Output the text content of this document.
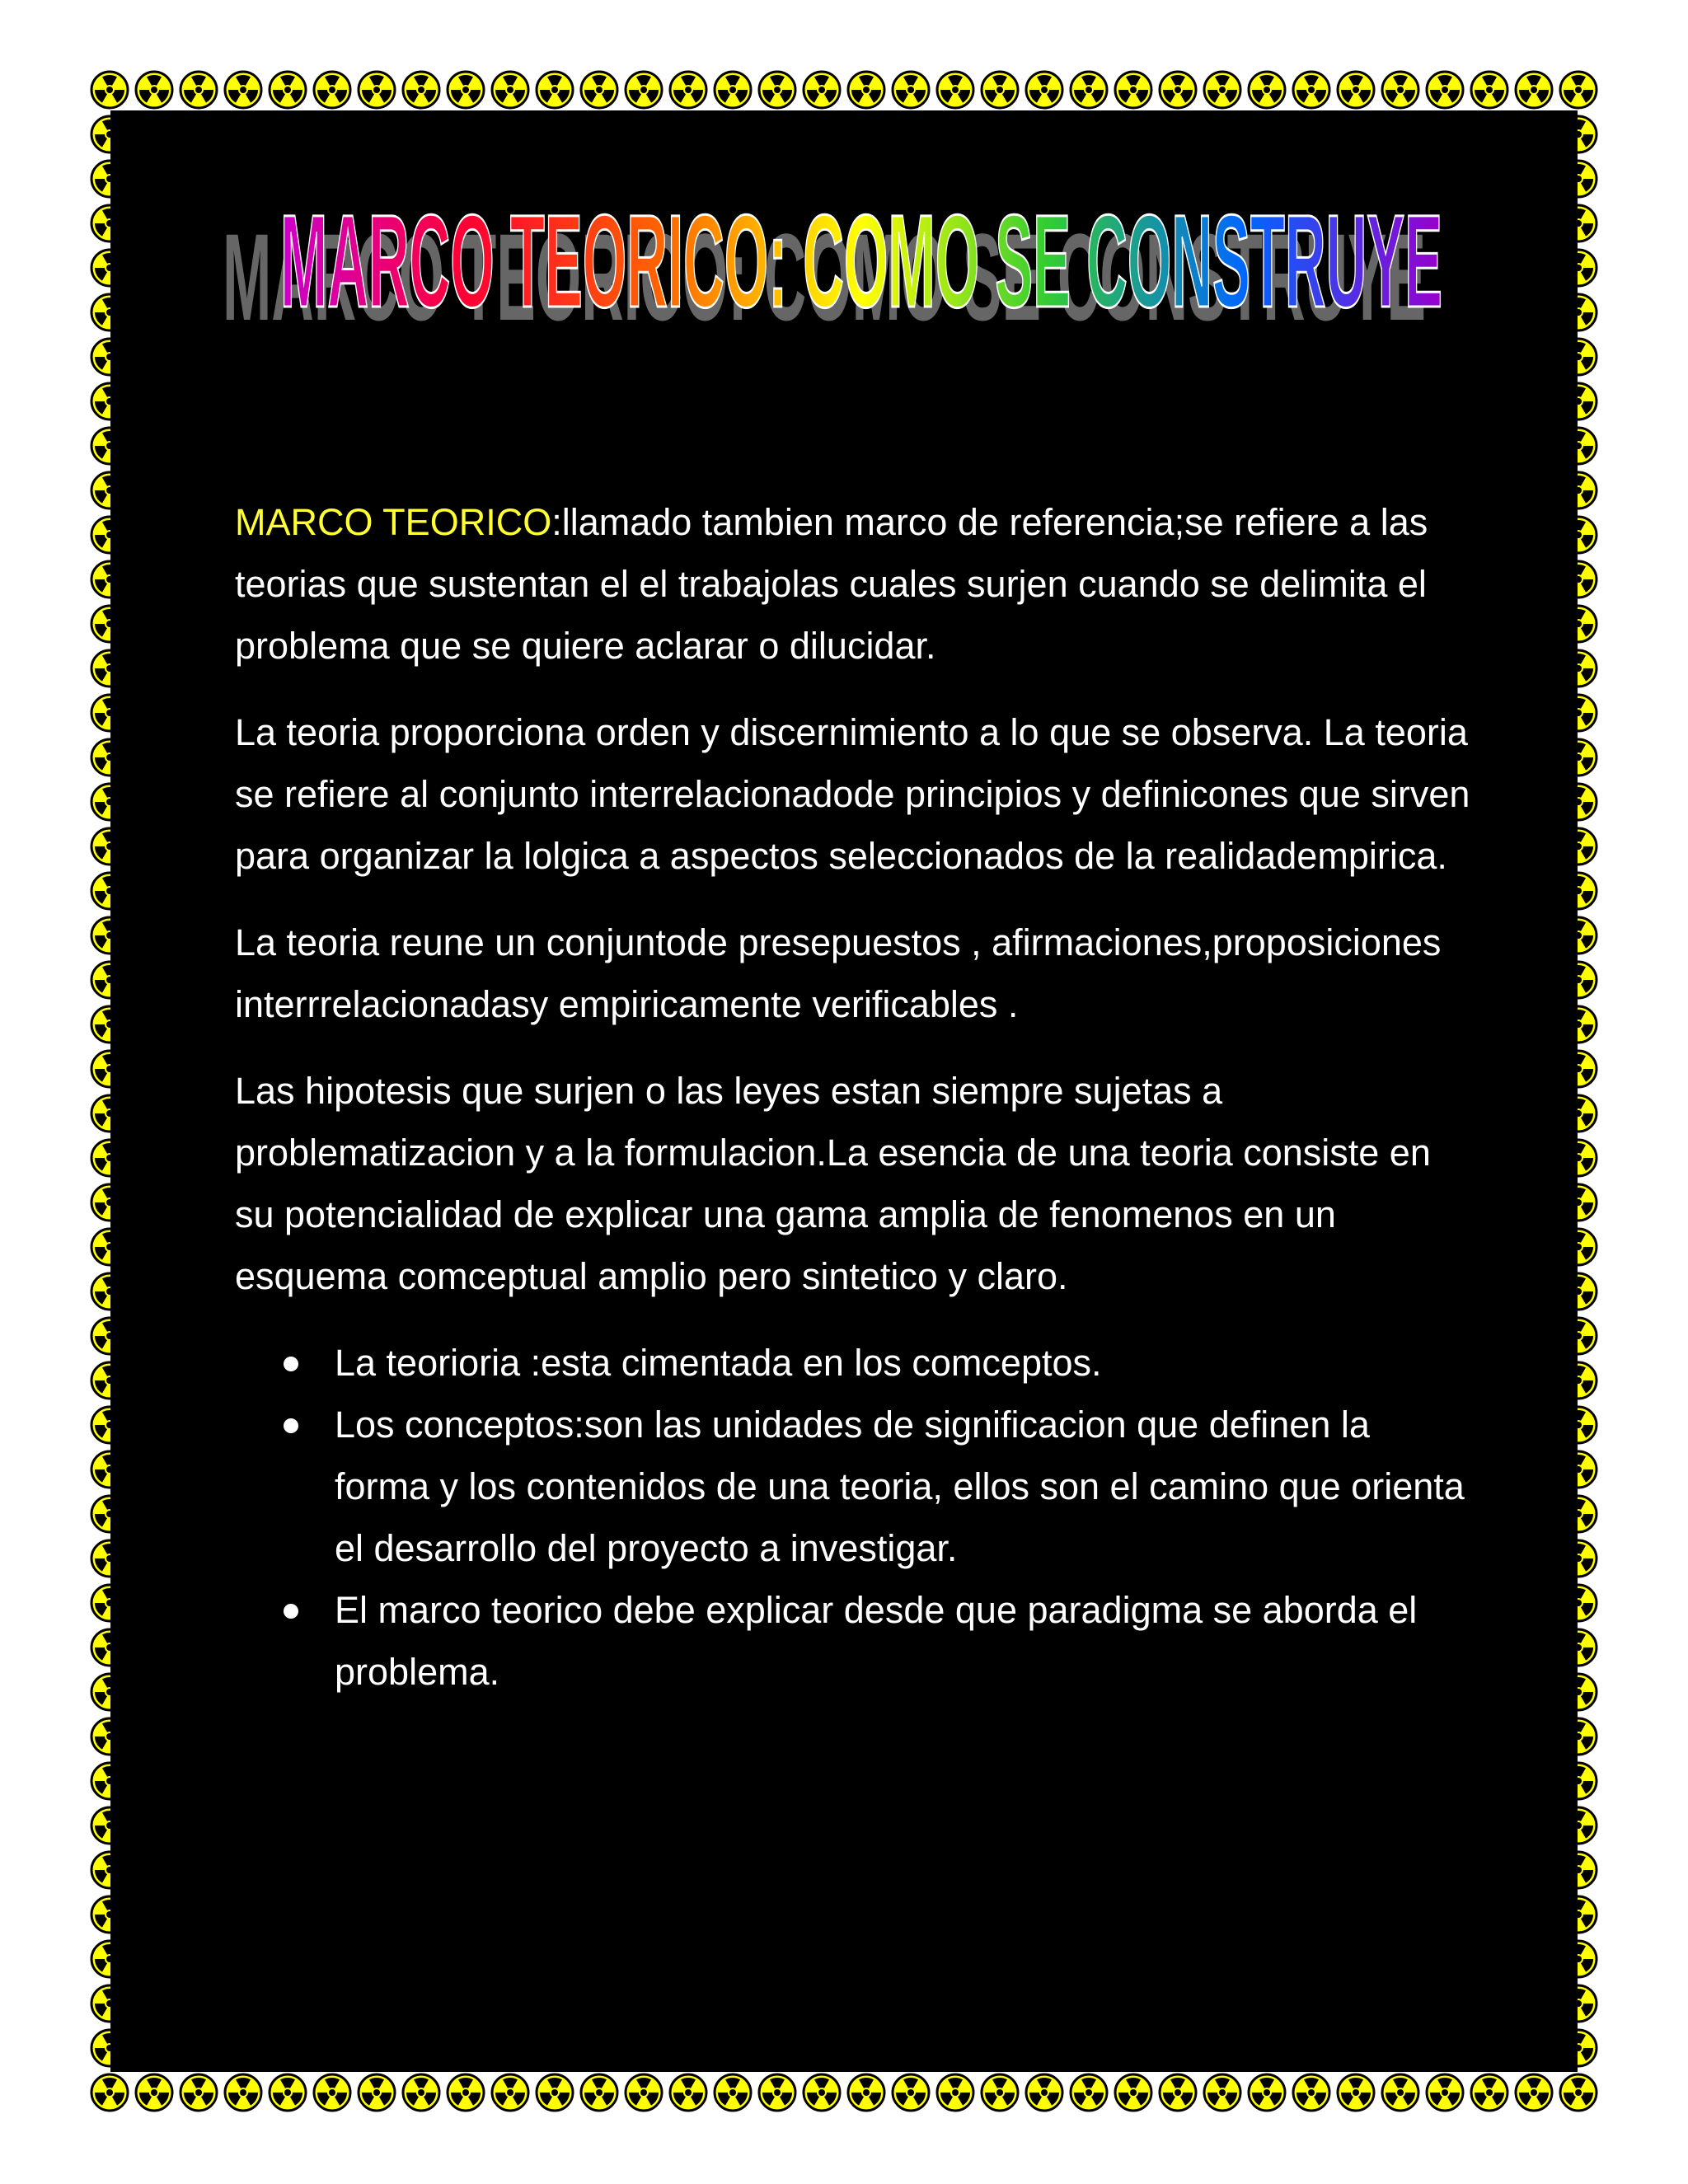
MARCO TEORICO: COMO SE CONSTRUYE
MARCO TEORICO: COMO SE CONSTRUYE

MARCO TEORICO:llamado tambien marco de referencia;se refiere a las teorias que sustentan el el trabajolas cuales surjen cuando se delimita el problema que se quiere aclarar o dilucidar.

La teoria proporciona orden y discernimiento a lo que se observa. La teoria se refiere al conjunto interrelacionadode principios y definicones que sirven para organizar la lolgica a aspectos seleccionados de la realidadempirica.

La teoria reune un conjuntode presepuestos , afirmaciones,proposiciones interrrelacionadasy empiricamente verificables .

Las hipotesis que surjen o las leyes estan siempre sujetas a problematizacion y a la formulacion.La esencia de una teoria consiste en su potencialidad de explicar una gama amplia de fenomenos en un esquema comceptual amplio pero sintetico y claro.

La teorioria :esta cimentada en los comceptos.
Los conceptos:son las unidades de significacion que definen la forma y los contenidos de una teoria, ellos son el camino que orienta el desarrollo del proyecto a investigar.
El marco teorico debe explicar desde que paradigma se aborda el problema.
